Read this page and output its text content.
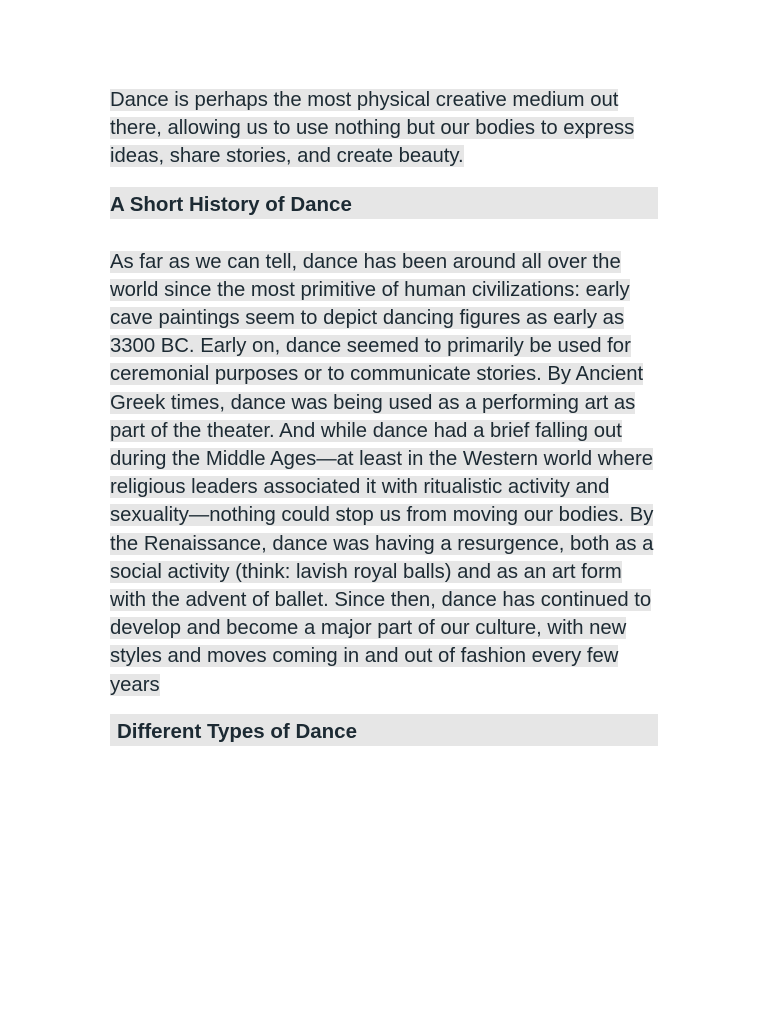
Dance is perhaps the most physical creative medium out there, allowing us to use nothing but our bodies to express ideas, share stories, and create beauty.

A Short History of Dance

As far as we can tell, dance has been around all over the world since the most primitive of human civilizations: early cave paintings seem to depict dancing figures as early as 3300 BC. Early on, dance seemed to primarily be used for ceremonial purposes or to communicate stories. By Ancient Greek times, dance was being used as a performing art as part of the theater. And while dance had a brief falling out during the Middle Ages—at least in the Western world where religious leaders associated it with ritualistic activity and sexuality—nothing could stop us from moving our bodies. By the Renaissance, dance was having a resurgence, both as a social activity (think: lavish royal balls) and as an art form with the advent of ballet. Since then, dance has continued to develop and become a major part of our culture, with new styles and moves coming in and out of fashion every few years

Different Types of Dance
